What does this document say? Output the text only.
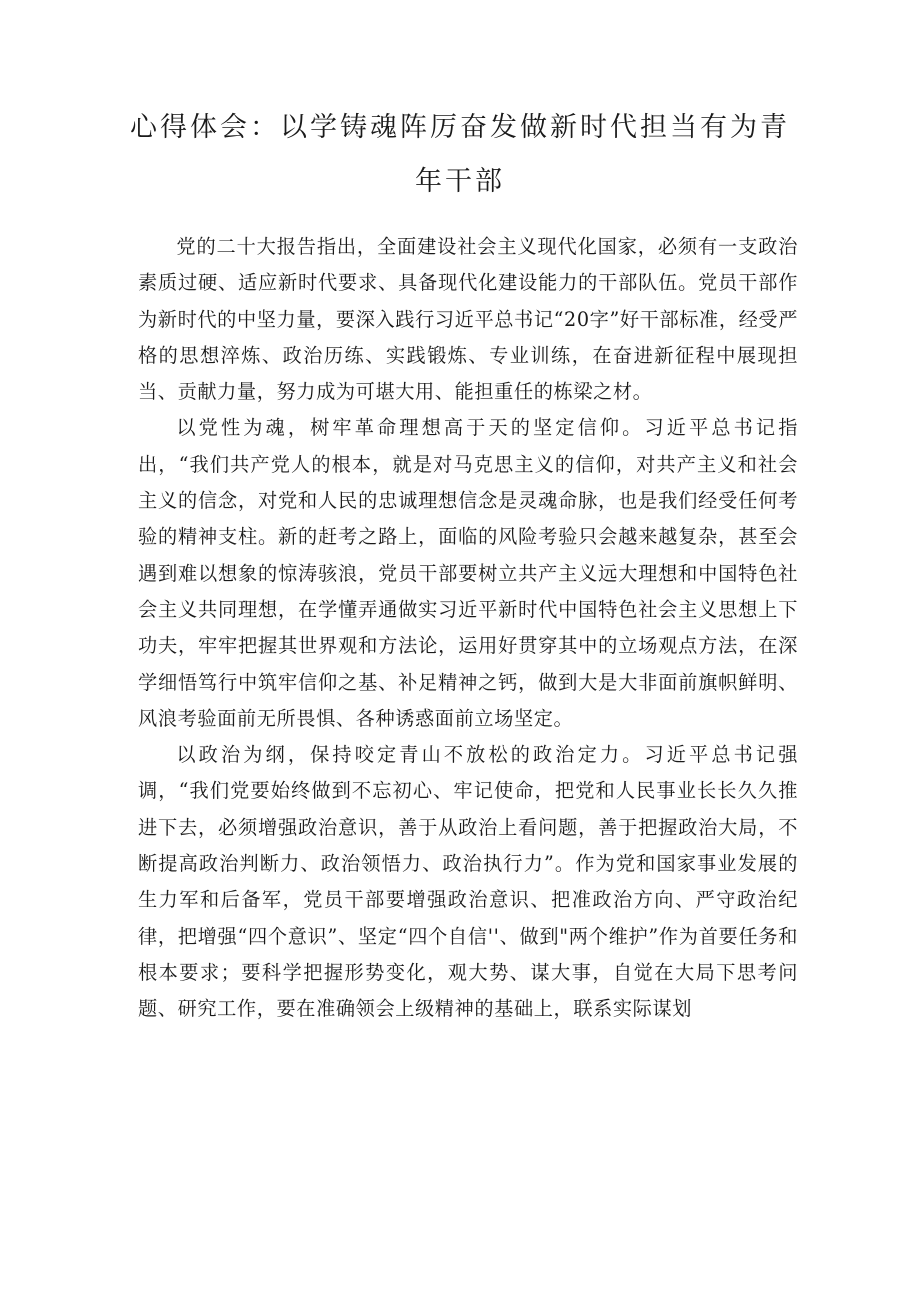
心得体会：以学铸魂阵厉奋发做新时代担当有为青
年干部

党的二十大报告指出，全面建设社会主义现代化国家，必须有一支政治素质过硬、适应新时代要求、具备现代化建设能力的干部队伍。党员干部作为新时代的中坚力量，要深入践行习近平总书记“20字”好干部标准，经受严格的思想淬炼、政治历练、实践锻炼、专业训练，在奋进新征程中展现担当、贡献力量，努力成为可堪大用、能担重任的栋梁之材。

以党性为魂，树牢革命理想高于天的坚定信仰。习近平总书记指出，“我们共产党人的根本，就是对马克思主义的信仰，对共产主义和社会主义的信念，对党和人民的忠诚理想信念是灵魂命脉，也是我们经受任何考验的精神支柱。新的赶考之路上，面临的风险考验只会越来越复杂，甚至会遇到难以想象的惊涛骇浪，党员干部要树立共产主义远大理想和中国特色社会主义共同理想，在学懂弄通做实习近平新时代中国特色社会主义思想上下功夫，牢牢把握其世界观和方法论，运用好贯穿其中的立场观点方法，在深学细悟笃行中筑牢信仰之基、补足精神之钙，做到大是大非面前旗帜鲜明、风浪考验面前无所畏惧、各种诱惑面前立场坚定。

以政治为纲，保持咬定青山不放松的政治定力。习近平总书记强调，“我们党要始终做到不忘初心、牢记使命，把党和人民事业长长久久推进下去，必须增强政治意识，善于从政治上看问题，善于把握政治大局，不断提高政治判断力、政治领悟力、政治执行力”。作为党和国家事业发展的生力军和后备军，党员干部要增强政治意识、把准政治方向、严守政治纪律，把增强“四个意识”、坚定“四个自信''、做到"两个维护”作为首要任务和根本要求；要科学把握形势变化，观大势、谋大事，自觉在大局下思考问题、研究工作，要在准确领会上级精神的基础上，联系实际谋划
